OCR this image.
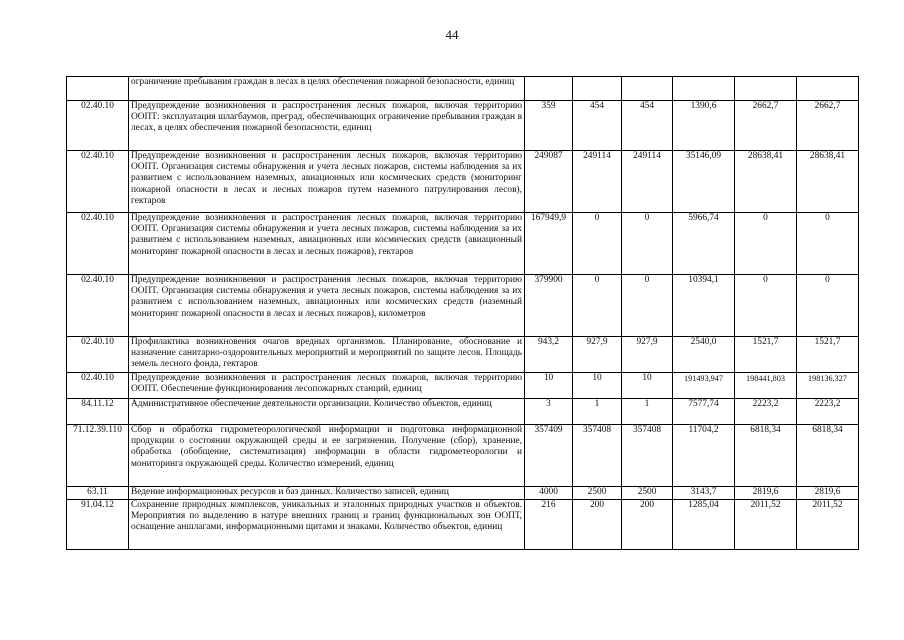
44
	ограничение пребывания граждан в лесах в целях обеспечения пожарной безопасности, единиц						
02.40.10	Предупреждение возникновения и распространения лесных пожаров, включая территорию ООПТ: эксплуатация шлагбаумов, преград, обеспечивающих ограничение пребывания граждан в лесах, в целях обеспечения пожарной безопасности, единиц	359	454	454	1390,6	2662,7	2662,7
02.40.10	Предупреждение возникновения и распространения лесных пожаров, включая территорию ООПТ. Организация системы обнаружения и учета лесных пожаров, системы наблюдения за их развитием с использованием наземных, авиационных или космических средств (мониторинг пожарной опасности в лесах и лесных пожаров путем наземного патрулирования лесов), гектаров	249087	249114	249114	35146,09	28638,41	28638,41
02.40.10	Предупреждение возникновения и распространения лесных пожаров, включая территорию ООПТ. Организация системы обнаружения и учета лесных пожаров, системы наблюдения за их развитием с использованием наземных, авиационных или космических средств (авиационный мониторинг пожарной опасности в лесах и лесных пожаров), гектаров	167949,9	0	0	5966,74	0	0
02.40.10	Предупреждение возникновения и распространения лесных пожаров, включая территорию ООПТ. Организация системы обнаружения и учета лесных пожаров, системы наблюдения за их развитием с использованием наземных, авиационных или космических средств (наземный мониторинг пожарной опасности в лесах и лесных пожаров), километров	379900	0	0	10394,1	0	0
02.40.10	Профилактика возникновения очагов вредных организмов. Планирование, обоснование и назначение санитарно-оздоровительных мероприятий и мероприятий по защите лесов. Площадь земель лесного фонда, гектаров	943,2	927,9	927,9	2540,0	1521,7	1521,7
02.40.10	Предупреждение возникновения и распространения лесных пожаров, включая территорию ООПТ. Обеспечение функционирования лесопожарных станций, единиц	10	10	10	191493,947	198441,803	198136,327
84.11.12	Административное обеспечение деятельности организации. Количество объектов, единиц	3	1	1	7577,74	2223,2	2223,2
71.12.39.110	Сбор и обработка гидрометеорологической информации и подготовка информационной продукции о состоянии окружающей среды и ее загрязнении. Получение (сбор), хранение, обработка (обобщение, систематизация) информации в области гидрометеорологии и мониторинга окружающей среды. Количество измерений, единиц	357409	357408	357408	11704,2	6818,34	6818,34
63.11	Ведение информационных ресурсов и баз данных. Количество записей, единиц	4000	2500	2500	3143,7	2819,6	2819,6
91.04.12	Сохранение природных комплексов, уникальных и эталонных природных участков и объектов. Мероприятия по выделению в натуре внешних границ и границ функциональных зон ООПТ, оснащение аншлагами, информационными щитами и знаками. Количество объектов, единиц	216	200	200	1285,04	2011,52	2011,52
